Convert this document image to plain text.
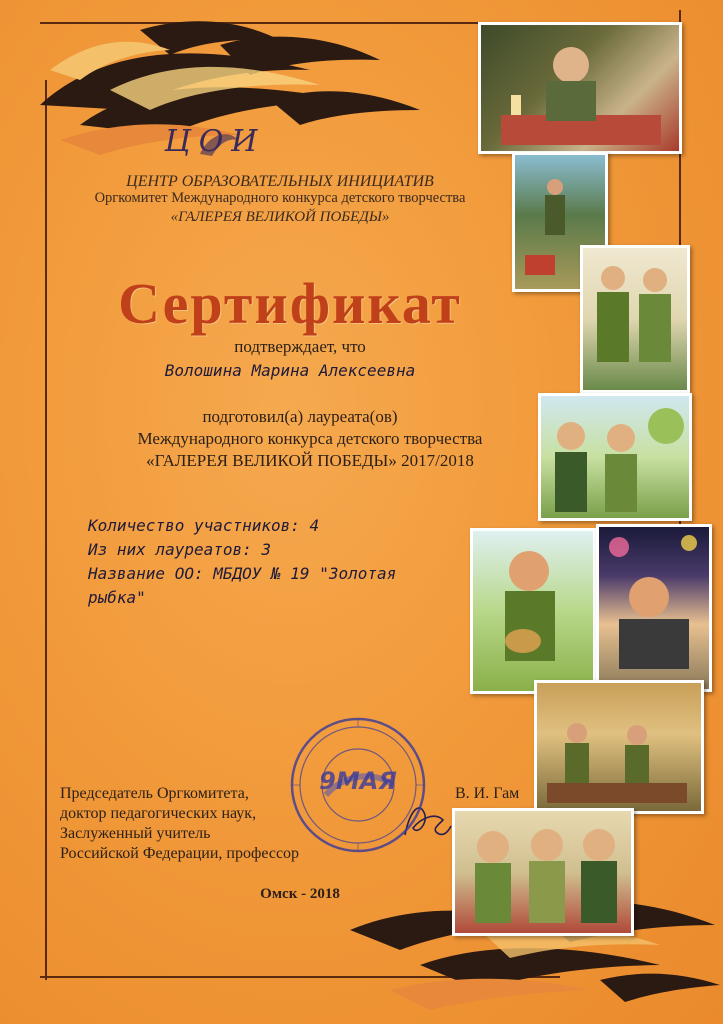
ЦОИ
ЦЕНТР ОБРАЗОВАТЕЛЬНЫХ ИНИЦИАТИВ
Оргкомитет Международного конкурса детского творчества
«ГАЛЕРЕЯ ВЕЛИКОЙ ПОБЕДЫ»
Сертификат
подтверждает, что
Волошина Марина Алексеевна
подготовил(а) лауреата(ов)
Международного конкурса детского творчества
«ГАЛЕРЕЯ ВЕЛИКОЙ ПОБЕДЫ» 2017/2018
Количество участников: 4
Из них лауреатов: 3
Название ОО: МБДОУ № 19 "Золотая
рыбка"
Председатель Оргкомитета,
доктор педагогических наук,
Заслуженный учитель
Российской Федерации, профессор
В. И. Гам
9МАЯ
Омск - 2018
